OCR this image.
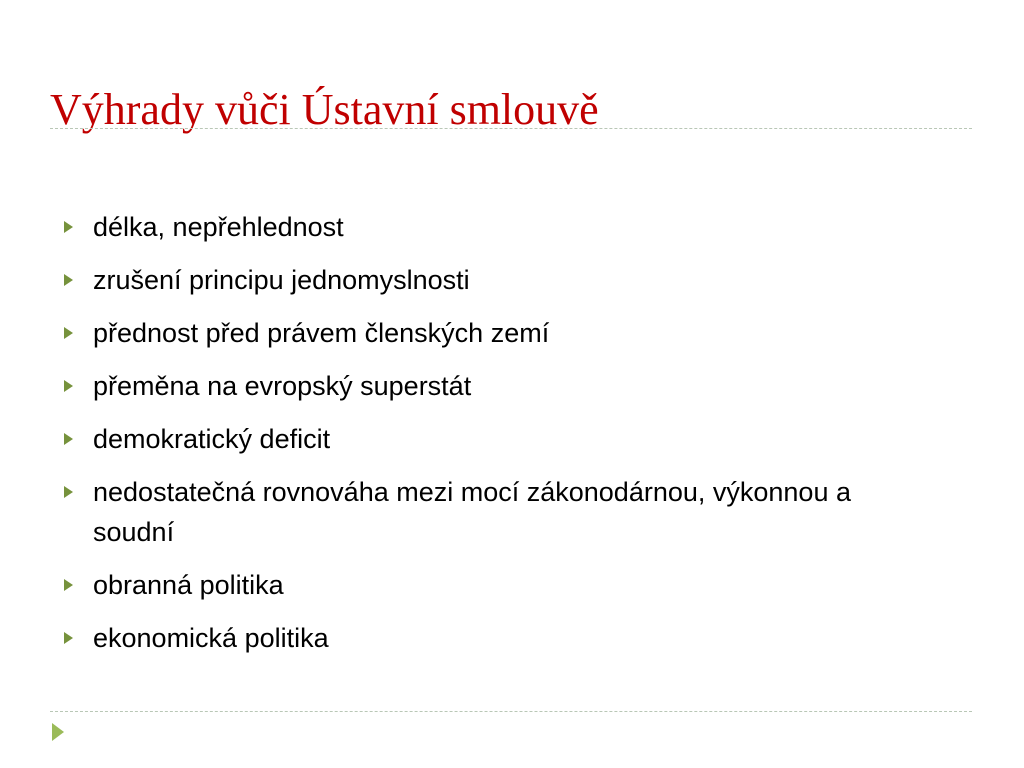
Výhrady vůči Ústavní smlouvě
délka, nepřehlednost
zrušení principu jednomyslnosti
přednost před právem členských zemí
přeměna na evropský superstát
demokratický deficit
nedostatečná rovnováha mezi mocí zákonodárnou, výkonnou a soudní
obranná politika
ekonomická politika
